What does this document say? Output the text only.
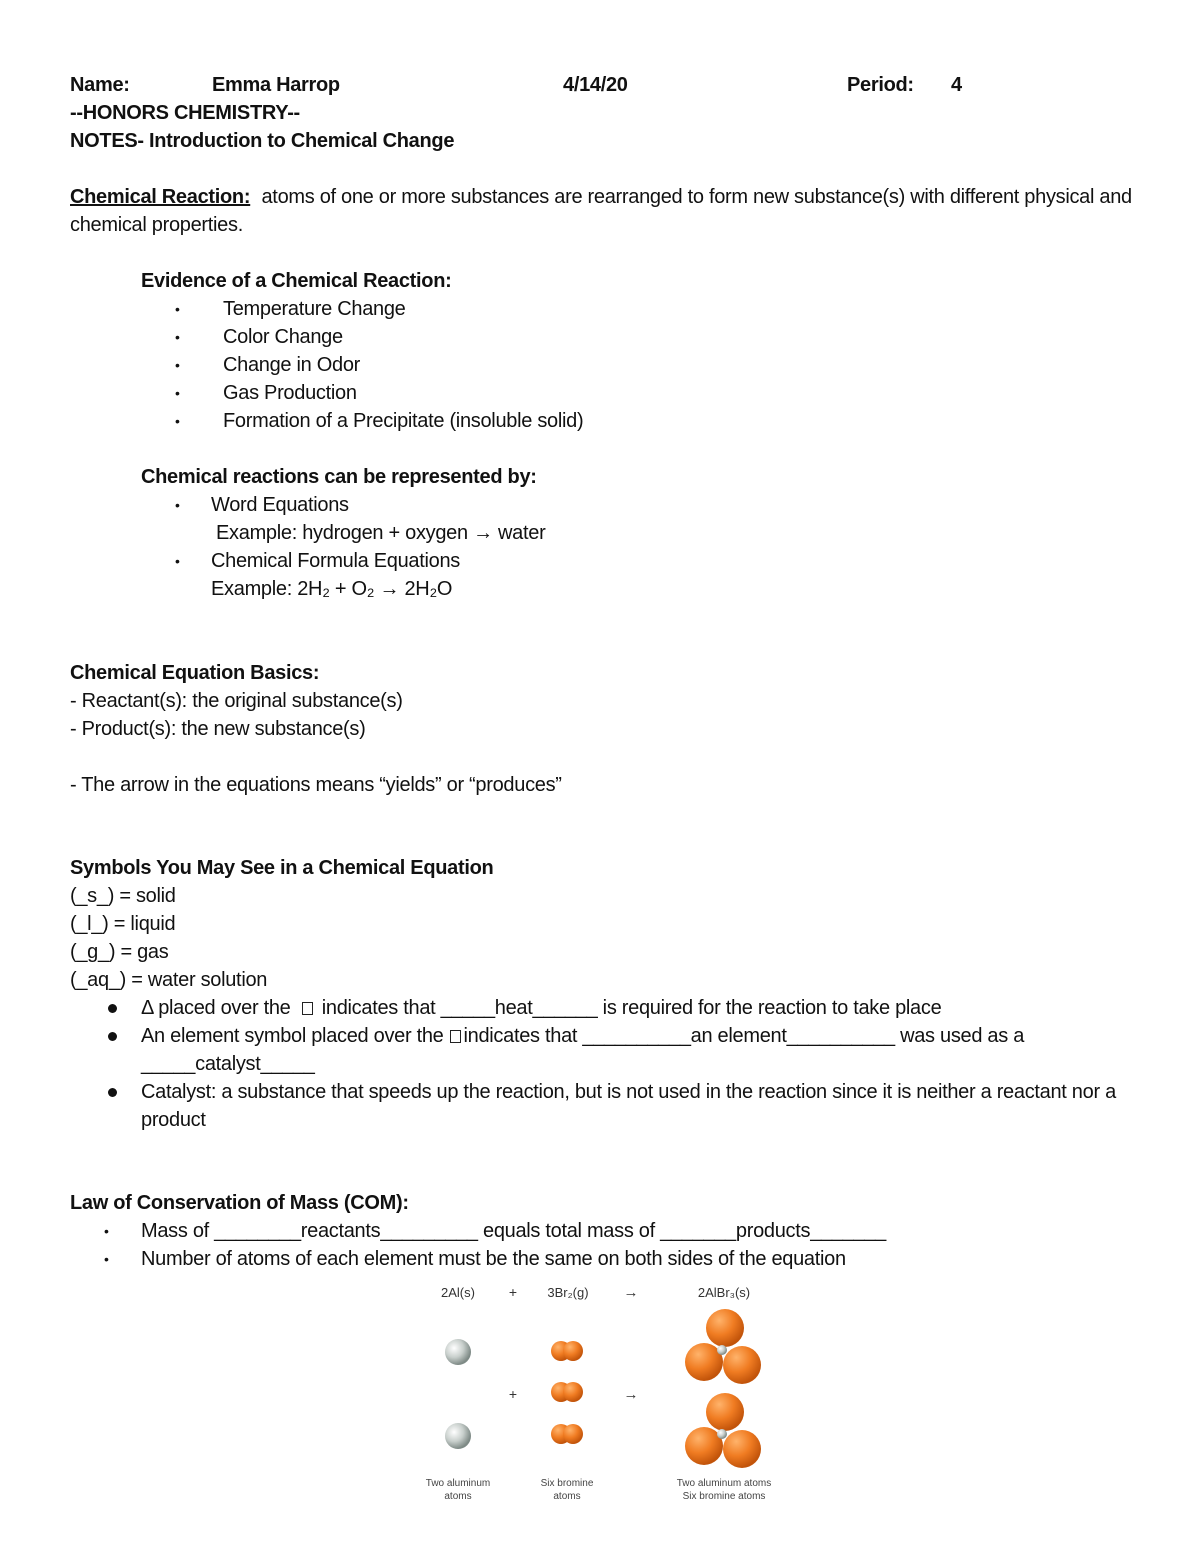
Name:	Emma Harrop	4/14/20	Period: 4
--HONORS CHEMISTRY--
NOTES- Introduction to Chemical Change
Chemical Reaction: atoms of one or more substances are rearranged to form new substance(s) with different physical and
chemical properties.
Evidence of a Chemical Reaction:
• Temperature Change
• Color Change
• Change in Odor
• Gas Production
• Formation of a Precipitate (insoluble solid)
Chemical reactions can be represented by:
• Word Equations
Example: hydrogen + oxygen → water
• Chemical Formula Equations
Example: 2H₂ + O₂ → 2H₂O
Chemical Equation Basics:
- Reactant(s): the original substance(s)
- Product(s): the new substance(s)
- The arrow in the equations means “yields” or “produces”
Symbols You May See in a Chemical Equation
(_s_) = solid
(_l_) = liquid
(_g_) = gas
(_aq_) = water solution
Δ placed over the indicates that _____heat______ is required for the reaction to take place
An element symbol placed over the indicates that __________an element__________ was used as a
_____catalyst_____
Catalyst: a substance that speeds up the reaction, but is not used in the reaction since it is neither a reactant nor a
product
Law of Conservation of Mass (COM):
• Mass of ________reactants_________ equals total mass of _______products_______
• Number of atoms of each element must be the same on both sides of the equation
2Al(s) + 3Br₂(g) →	2AlBr₃(s)
+	→
Two aluminum
atoms
Six bromine
atoms
Two aluminum atoms
Six bromine atoms
